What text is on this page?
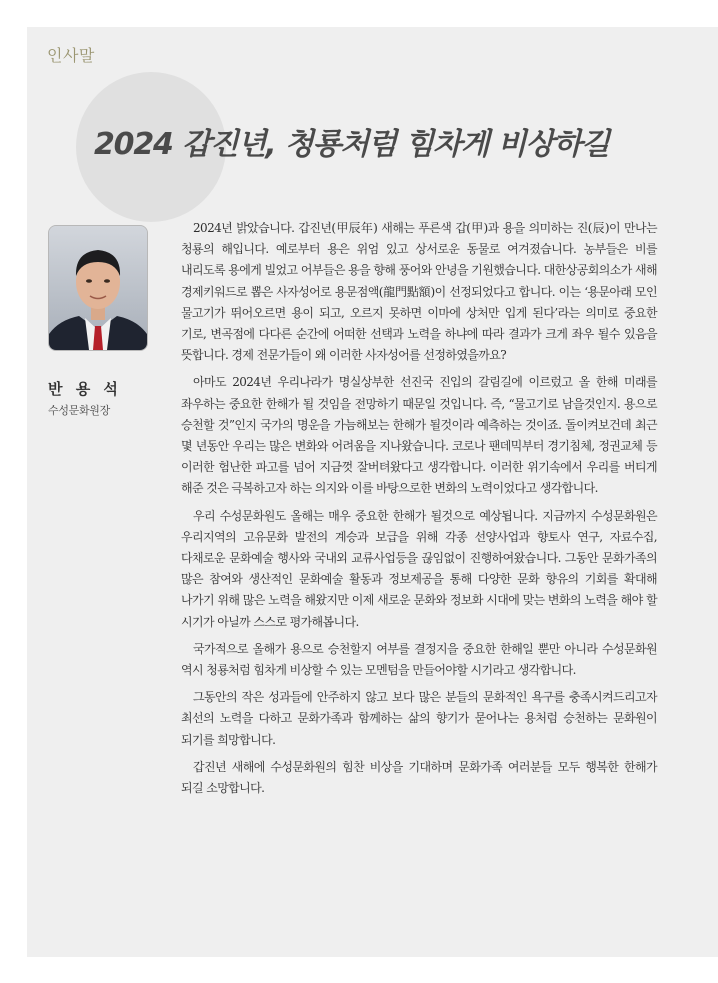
인사말
2024 갑진년, 청룡처럼 힘차게 비상하길
반 용 석
수성문화원장

2024년 밝았습니다. 갑진년(甲辰年) 새해는 푸른색 갑(甲)과 용을 의미하는 진(辰)이 만나는 청룡의 해입니다. 예로부터 용은 위엄 있고 상서로운 동물로 여겨졌습니다. 농부들은 비를 내리도록 용에게 빌었고 어부들은 용을 향해 풍어와 안녕을 기원했습니다. 대한상공회의소가 새해 경제키워드로 뽑은 사자성어로 용문점액(龍門點額)이 선정되었다고 합니다. 이는 ‘용문아래 모인 물고기가 뛰어오르면 용이 되고, 오르지 못하면 이마에 상처만 입게 된다’라는 의미로 중요한 기로, 변곡점에 다다른 순간에 어떠한 선택과 노력을 하냐에 따라 결과가 크게 좌우 될수 있음을 뜻합니다. 경제 전문가들이 왜 이러한 사자성어를 선정하였을까요?

아마도 2024년 우리나라가 명실상부한 선진국 진입의 갈림길에 이르렀고 올 한해 미래를 좌우하는 중요한 한해가 될 것임을 전망하기 때문일 것입니다. 즉, “물고기로 남을것인지. 용으로 승천할 것”인지 국가의 명운을 가늠해보는 한해가 될것이라 예측하는 것이죠. 돌이켜보건데 최근 몇 년동안 우리는 많은 변화와 어려움을 지나왔습니다. 코로나 팬데믹부터 경기침체, 정권교체 등 이러한 험난한 파고를 넘어 지금껏 잘버텨왔다고 생각합니다. 이러한 위기속에서 우리를 버티게 해준 것은 극복하고자 하는 의지와 이를 바탕으로한 변화의 노력이었다고 생각합니다.

우리 수성문화원도 올해는 매우 중요한 한해가 될것으로 예상됩니다. 지금까지 수성문화원은 우리지역의 고유문화 발전의 계승과 보급을 위해 각종 선양사업과 향토사 연구, 자료수집, 다채로운 문화예술 행사와 국내외 교류사업등을 끊임없이 진행하여왔습니다. 그동안 문화가족의 많은 참여와 생산적인 문화예술 활동과 정보제공을 통해 다양한 문화 향유의 기회를 확대해 나가기 위해 많은 노력을 해왔지만 이제 새로운 문화와 정보화 시대에 맞는 변화의 노력을 해야 할 시기가 아닐까 스스로 평가해봅니다.

국가적으로 올해가 용으로 승천할지 여부를 결정지을 중요한 한해일 뿐만 아니라 수성문화원 역시 청룡처럼 힘차게 비상할 수 있는 모멘텀을 만들어야할 시기라고 생각합니다.

그동안의 작은 성과들에 안주하지 않고 보다 많은 분들의 문화적인 욕구를 충족시켜드리고자 최선의 노력을 다하고 문화가족과 함께하는 삶의 향기가 묻어나는 용처럼 승천하는 문화원이 되기를 희망합니다.

갑진년 새해에 수성문화원의 힘찬 비상을 기대하며 문화가족 여러분들 모두 행복한 한해가 되길 소망합니다.
